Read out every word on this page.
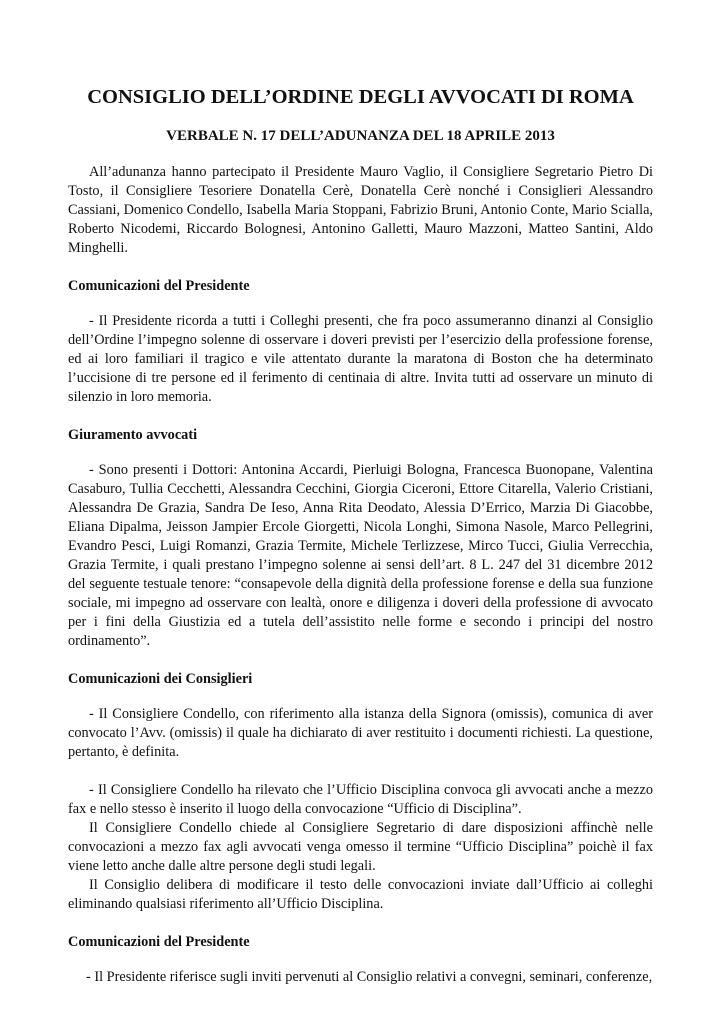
CONSIGLIO DELL’ORDINE DEGLI AVVOCATI DI ROMA
VERBALE N. 17 DELL’ADUNANZA DEL 18 APRILE 2013

All’adunanza hanno partecipato il Presidente Mauro Vaglio, il Consigliere Segretario Pietro Di Tosto, il Consigliere Tesoriere Donatella Cerè, Donatella Cerè nonché i Consiglieri Alessandro Cassiani, Domenico Condello, Isabella Maria Stoppani, Fabrizio Bruni, Antonio Conte, Mario Scialla, Roberto Nicodemi, Riccardo Bolognesi, Antonino Galletti, Mauro Mazzoni, Matteo Santini, Aldo Minghelli.

Comunicazioni del Presidente

- Il Presidente ricorda a tutti i Colleghi presenti, che fra poco assumeranno dinanzi al Consiglio dell’Ordine l’impegno solenne di osservare i doveri previsti per l’esercizio della professione forense, ed ai loro familiari il tragico e vile attentato durante la maratona di Boston che ha determinato l’uccisione di tre persone ed il ferimento di centinaia di altre. Invita tutti ad osservare un minuto di silenzio in loro memoria.

Giuramento avvocati

- Sono presenti i Dottori: Antonina Accardi, Pierluigi Bologna, Francesca Buonopane, Valentina Casaburo, Tullia Cecchetti, Alessandra Cecchini, Giorgia Ciceroni, Ettore Citarella, Valerio Cristiani, Alessandra De Grazia, Sandra De Ieso, Anna Rita Deodato, Alessia D’Errico, Marzia Di Giacobbe, Eliana Dipalma, Jeisson Jampier Ercole Giorgetti, Nicola Longhi, Simona Nasole, Marco Pellegrini, Evandro Pesci, Luigi Romanzi, Grazia Termite, Michele Terlizzese, Mirco Tucci, Giulia Verrecchia, Grazia Termite, i quali prestano l’impegno solenne ai sensi dell’art. 8 L. 247 del 31 dicembre 2012 del seguente testuale tenore: “consapevole della dignità della professione forense e della sua funzione sociale, mi impegno ad osservare con lealtà, onore e diligenza i doveri della professione di avvocato per i fini della Giustizia ed a tutela dell’assistito nelle forme e secondo i principi del nostro ordinamento”.

Comunicazioni dei Consiglieri

- Il Consigliere Condello, con riferimento alla istanza della Signora (omissis), comunica di aver convocato l’Avv. (omissis) il quale ha dichiarato di aver restituito i documenti richiesti. La questione, pertanto, è definita.

- Il Consigliere Condello ha rilevato che l’Ufficio Disciplina convoca gli avvocati anche a mezzo fax e nello stesso è inserito il luogo della convocazione “Ufficio di Disciplina”.

Il Consigliere Condello chiede al Consigliere Segretario di dare disposizioni affinchè nelle convocazioni a mezzo fax agli avvocati venga omesso il termine “Ufficio Disciplina” poichè il fax viene letto anche dalle altre persone degli studi legali.

Il Consiglio delibera di modificare il testo delle convocazioni inviate dall’Ufficio ai colleghi eliminando qualsiasi riferimento all’Ufficio Disciplina.

Comunicazioni del Presidente

- Il Presidente riferisce sugli inviti pervenuti al Consiglio relativi a convegni, seminari, conferenze,
